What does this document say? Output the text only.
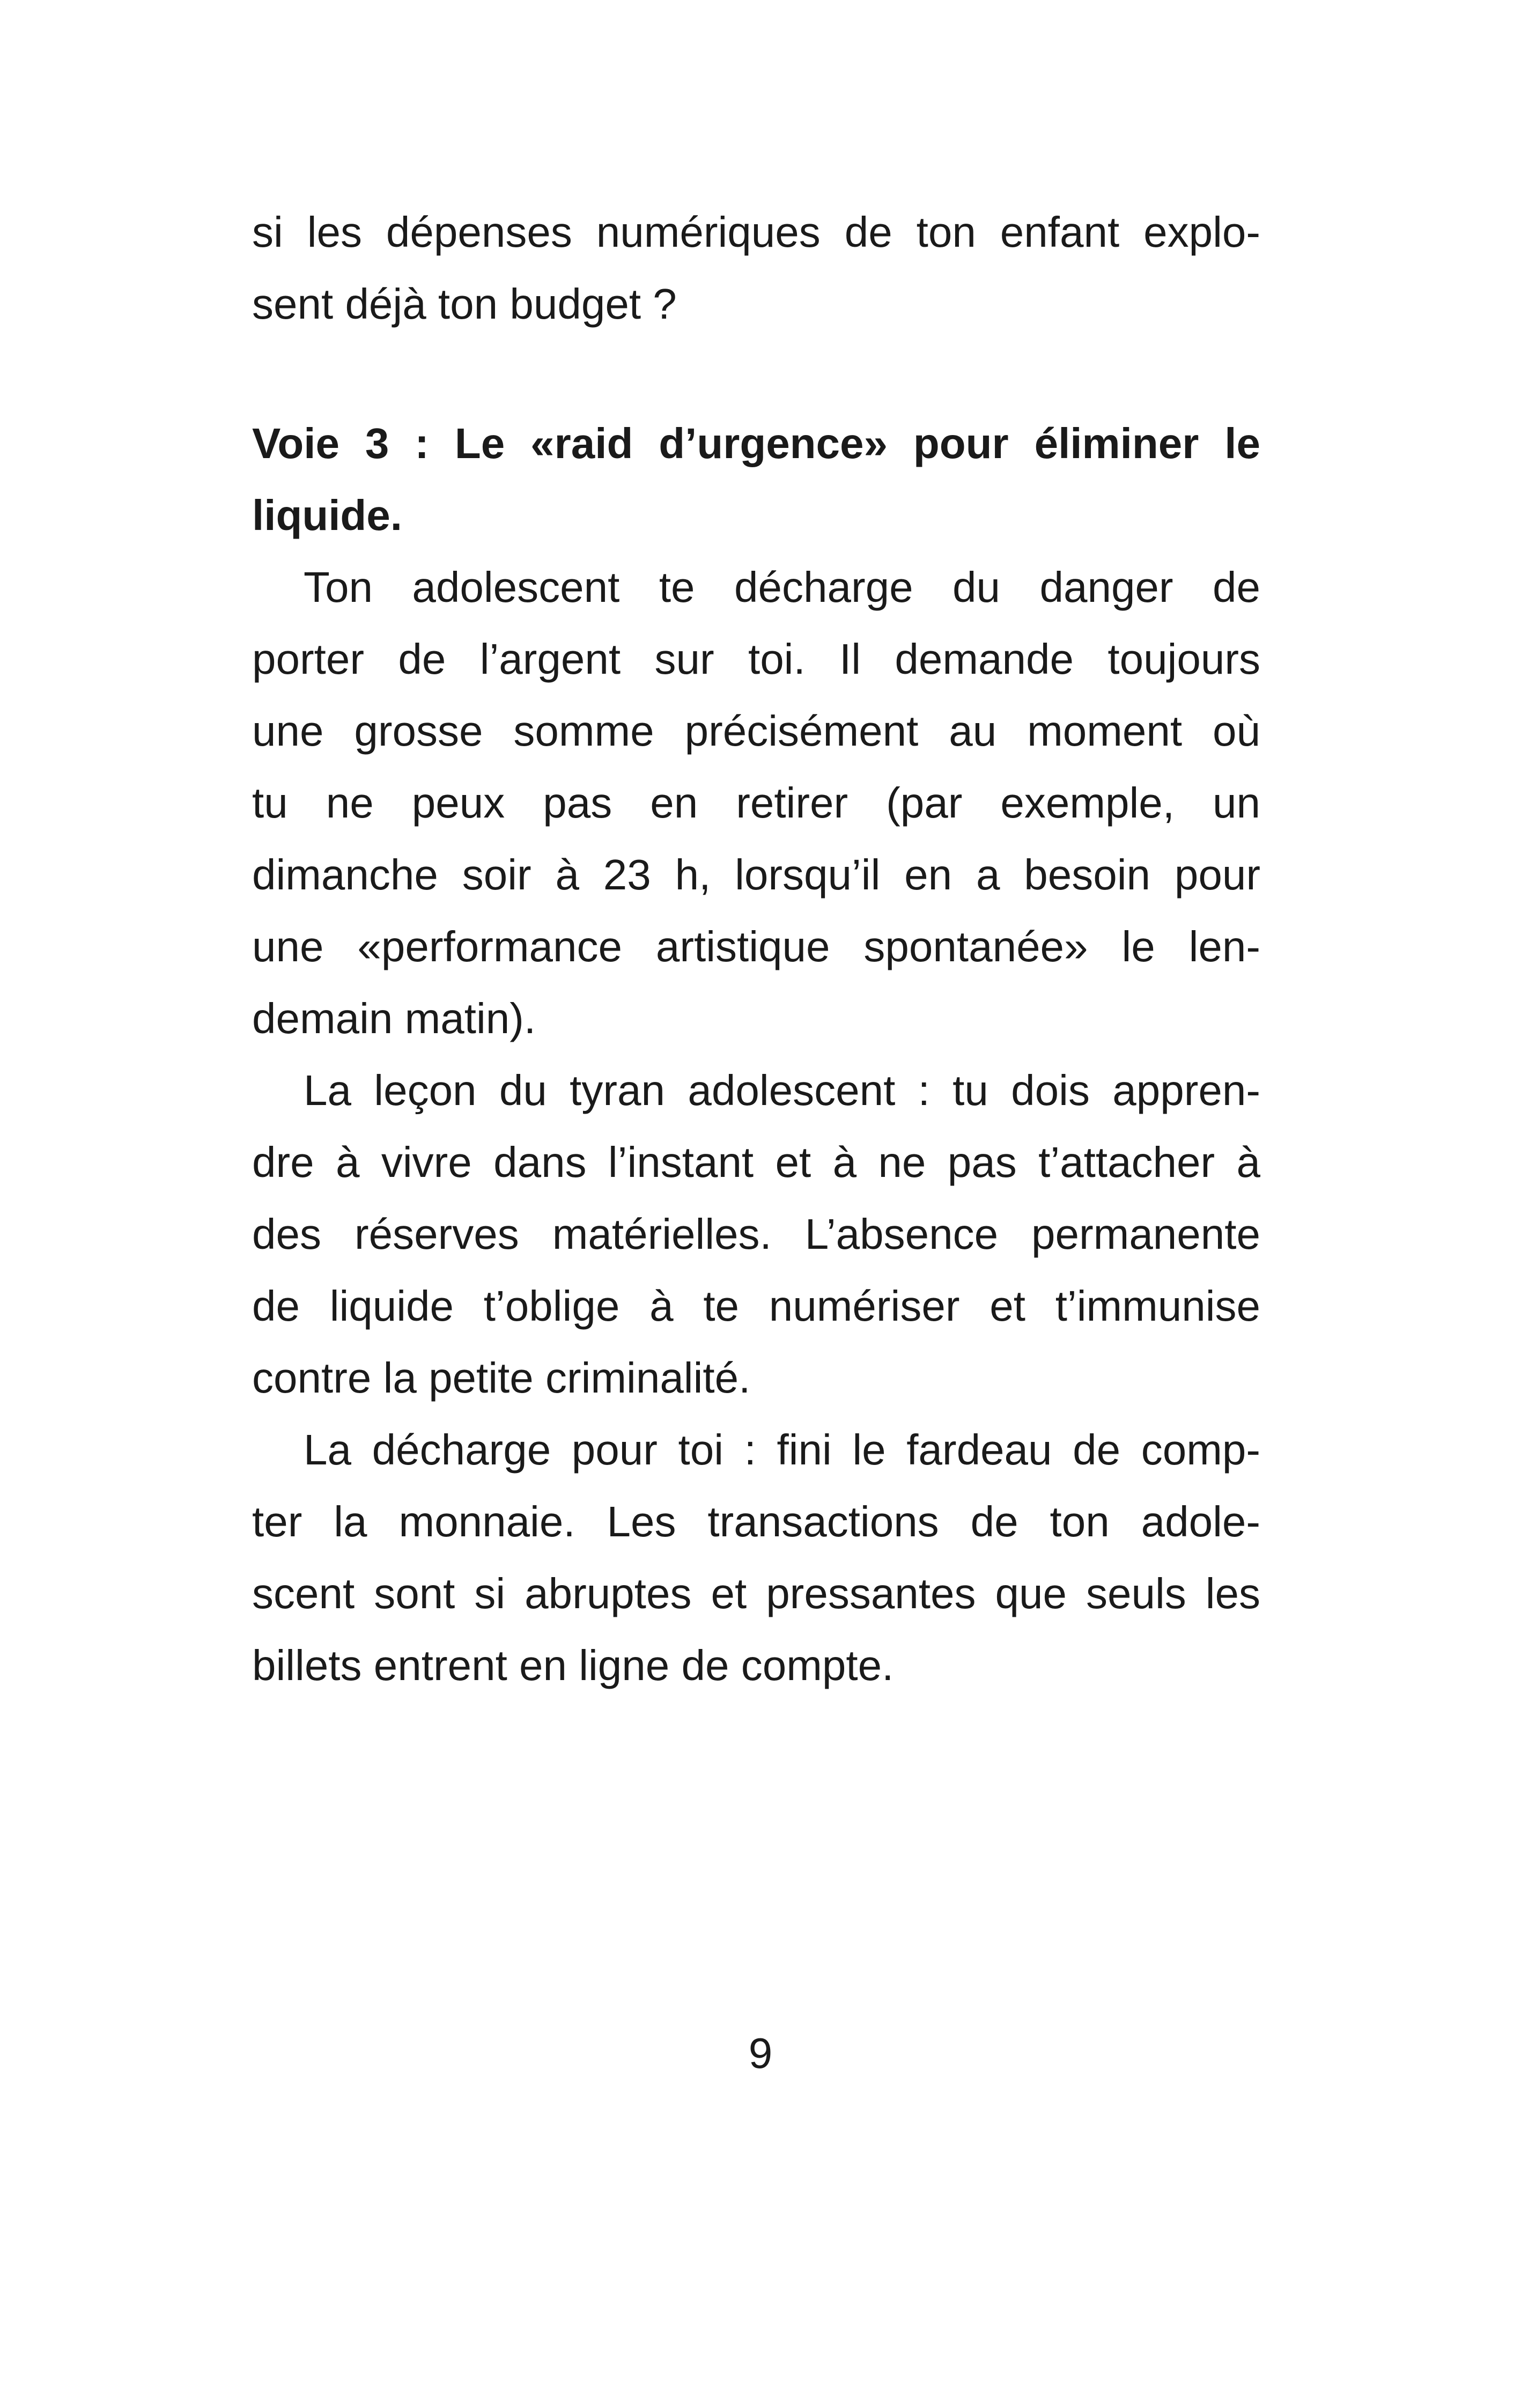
si les dépenses numériques de ton enfant explo-
sent déjà ton budget ?
Voie 3 : Le «raid d’urgence» pour éliminer le
liquide.
Ton adolescent te décharge du danger de
porter de l’argent sur toi. Il demande toujours
une grosse somme précisément au moment où
tu ne peux pas en retirer (par exemple, un
dimanche soir à 23 h, lorsqu’il en a besoin pour
une «performance artistique spontanée» le len-
demain matin).
La leçon du tyran adolescent : tu dois appren-
dre à vivre dans l’instant et à ne pas t’attacher à
des réserves matérielles. L’absence permanente
de liquide t’oblige à te numériser et t’immunise
contre la petite criminalité.
La décharge pour toi : fini le fardeau de comp-
ter la monnaie. Les transactions de ton adole-
scent sont si abruptes et pressantes que seuls les
billets entrent en ligne de compte.
9
